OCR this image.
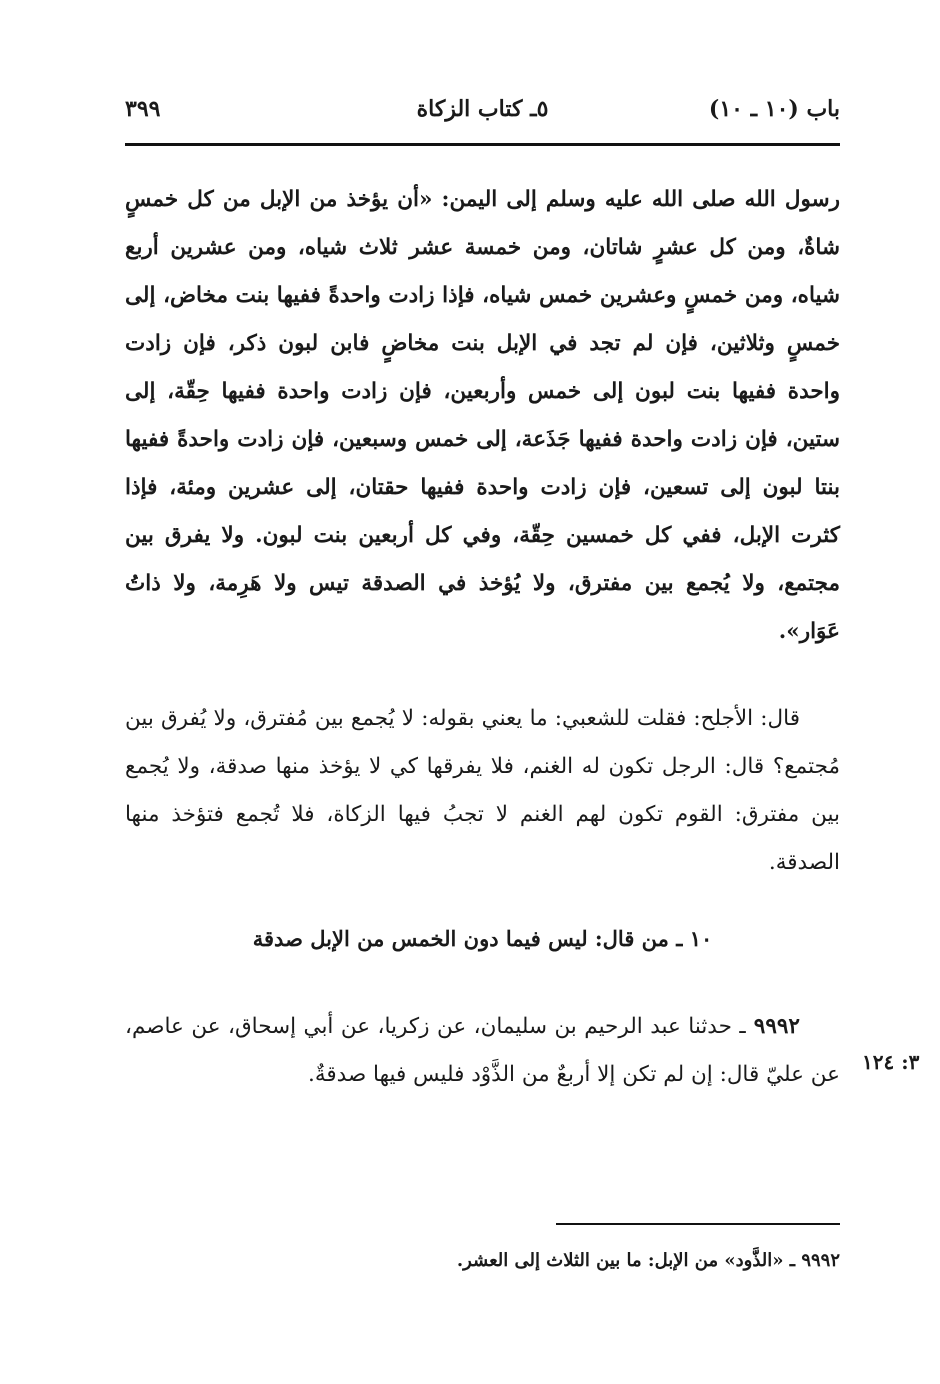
باب (١٠ ـ ١٠)
٥ـ كتاب الزكاة
٣٩٩

رسول الله صلى الله عليه وسلم إلى اليمن: «أن يؤخذ من الإبل من كل خمسٍ شاةٌ، ومن كل عشرٍ شاتان، ومن خمسة عشر ثلاث شياه، ومن عشرين أربع شياه، ومن خمسٍ وعشرين خمس شياه، فإذا زادت واحدةً ففيها بنت مخاض، إلى خمسٍ وثلاثين، فإن لم تجد في الإبل بنت مخاضٍ فابن لبون ذكر، فإن زادت واحدة ففيها بنت لبون إلى خمس وأربعين، فإن زادت واحدة ففيها حِقّة، إلى ستين، فإن زادت واحدة ففيها جَذَعة، إلى خمس وسبعين، فإن زادت واحدةً ففيها بنتا لبون إلى تسعين، فإن زادت واحدة ففيها حقتان، إلى عشرين ومئة، فإذا كثرت الإبل، ففي كل خمسين حِقّة، وفي كل أربعين بنت لبون. ولا يفرق بين مجتمع، ولا يُجمع بين مفترق، ولا يُؤخذ في الصدقة تيس ولا هَرِمة، ولا ذاتُ عَوَار».

قال: الأجلح: فقلت للشعبي: ما يعني بقوله: لا يُجمع بين مُفترق، ولا يُفرق بين مُجتمع؟ قال: الرجل تكون له الغنم، فلا يفرقها كي لا يؤخذ منها صدقة، ولا يُجمع بين مفترق: القوم تكون لهم الغنم لا تجبُ فيها الزكاة، فلا تُجمع فتؤخذ منها الصدقة.

١٠ ـ من قال: ليس فيما دون الخمس من الإبل صدقة

٩٩٩٢ ـ حدثنا عبد الرحيم بن سليمان، عن زكريا، عن أبي إسحاق، عن عاصم، عن عليّ قال: إن لم تكن إلا أربعٌ من الذَّوْد فليس فيها صدقةٌ. ٣: ١٢٤
٩٩٩٢ ـ «الذَّود» من الإبل: ما بين الثلاث إلى العشر.
